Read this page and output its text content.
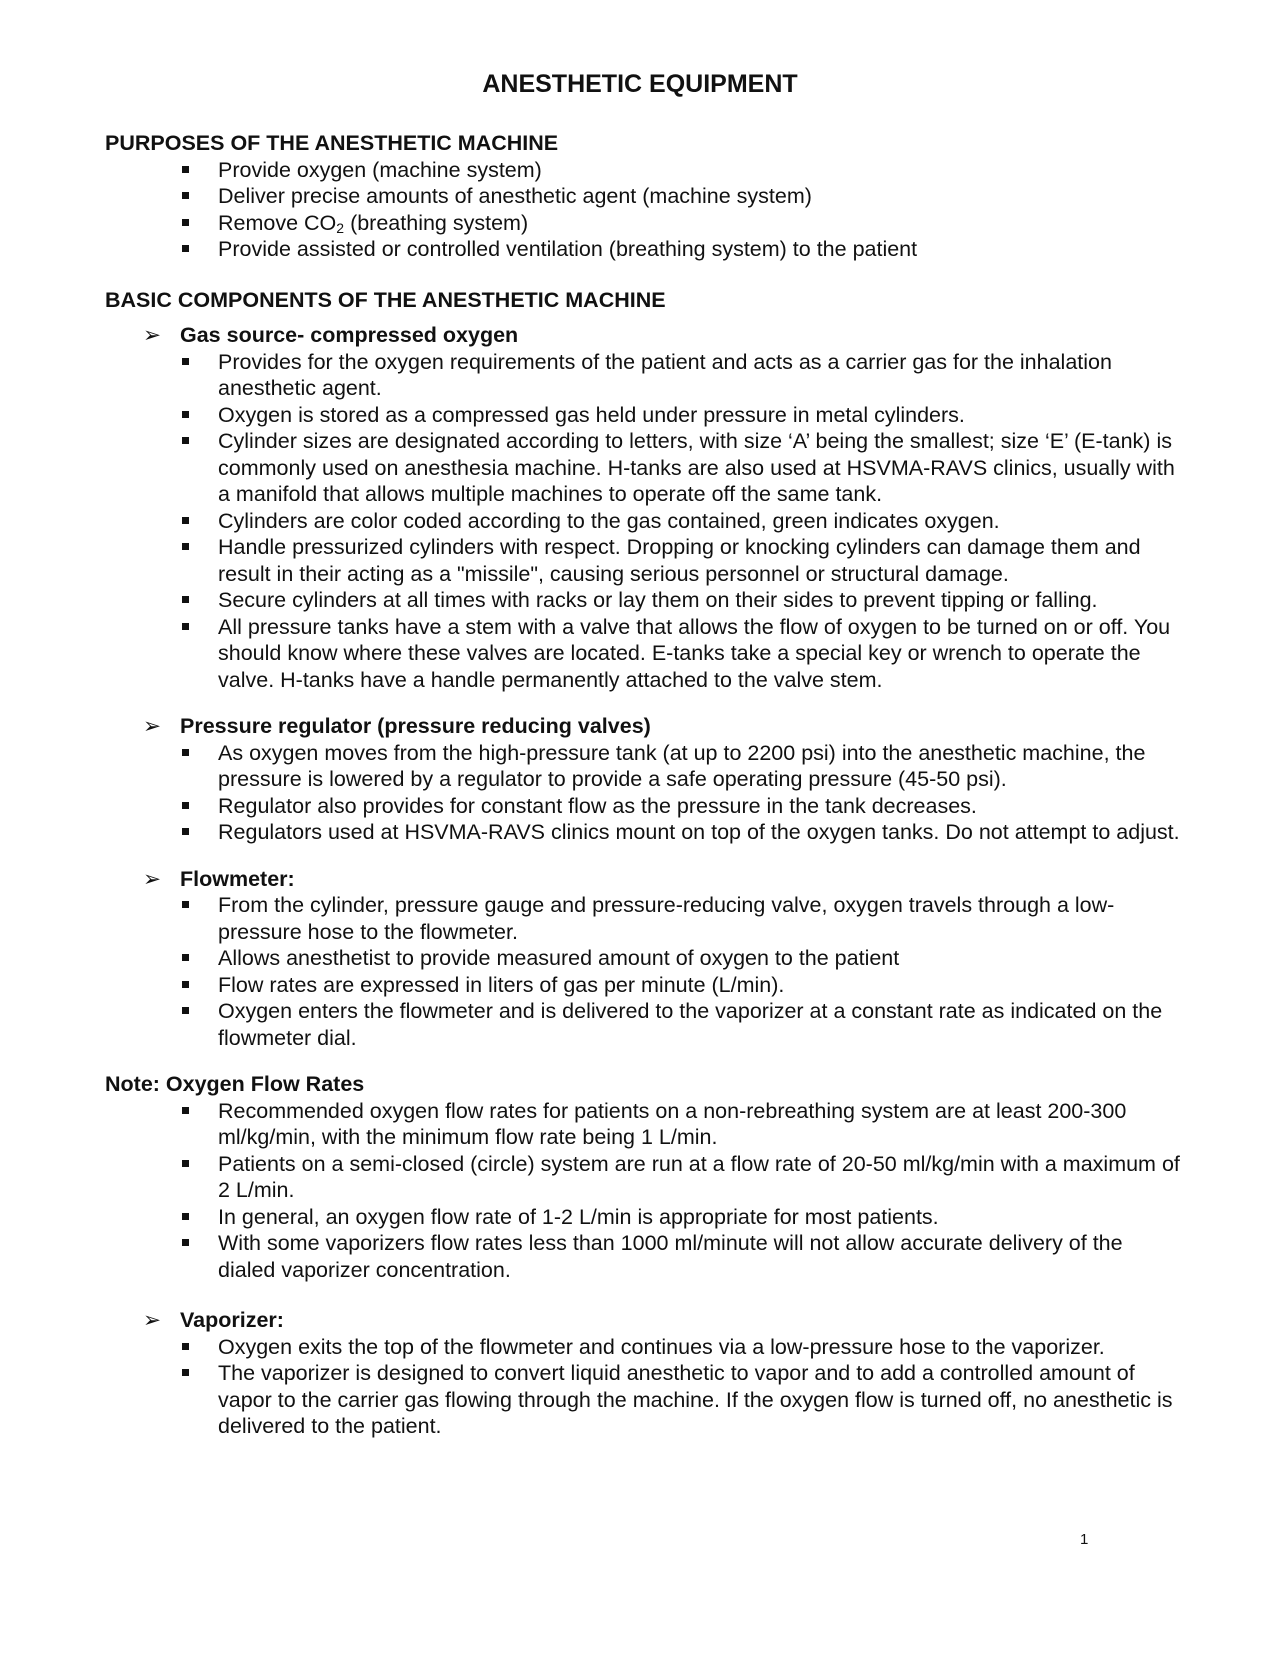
ANESTHETIC EQUIPMENT

PURPOSES OF THE ANESTHETIC MACHINE

Provide oxygen (machine system)
Deliver precise amounts of anesthetic agent (machine system)
Remove $CO_2$ (breathing system)
Provide assisted or controlled ventilation (breathing system) to the patient

BASIC COMPONENTS OF THE ANESTHETIC MACHINE

➢ Gas source- compressed oxygen

Provides for the oxygen requirements of the patient and acts as a carrier gas for the inhalation anesthetic agent.
Oxygen is stored as a compressed gas held under pressure in metal cylinders.
Cylinder sizes are designated according to letters, with size ‘A’ being the smallest; size ‘E’ (E-tank) is commonly used on anesthesia machine. H-tanks are also used at HSVMA-RAVS clinics, usually with a manifold that allows multiple machines to operate off the same tank.
Cylinders are color coded according to the gas contained, green indicates oxygen.
Handle pressurized cylinders with respect. Dropping or knocking cylinders can damage them and result in their acting as a "missile", causing serious personnel or structural damage.
Secure cylinders at all times with racks or lay them on their sides to prevent tipping or falling.
All pressure tanks have a stem with a valve that allows the flow of oxygen to be turned on or off. You should know where these valves are located. E-tanks take a special key or wrench to operate the valve. H-tanks have a handle permanently attached to the valve stem.

➢ Pressure regulator (pressure reducing valves)

As oxygen moves from the high-pressure tank (at up to 2200 psi) into the anesthetic machine, the pressure is lowered by a regulator to provide a safe operating pressure (45-50 psi).
Regulator also provides for constant flow as the pressure in the tank decreases.
Regulators used at HSVMA-RAVS clinics mount on top of the oxygen tanks. Do not attempt to adjust.

➢ Flowmeter:

From the cylinder, pressure gauge and pressure-reducing valve, oxygen travels through a low-pressure hose to the flowmeter.
Allows anesthetist to provide measured amount of oxygen to the patient
Flow rates are expressed in liters of gas per minute (L/min).
Oxygen enters the flowmeter and is delivered to the vaporizer at a constant rate as indicated on the flowmeter dial.

Note: Oxygen Flow Rates

Recommended oxygen flow rates for patients on a non-rebreathing system are at least 200-300 ml/kg/min, with the minimum flow rate being 1 L/min.
Patients on a semi-closed (circle) system are run at a flow rate of 20-50 ml/kg/min with a maximum of 2 L/min.
In general, an oxygen flow rate of 1-2 L/min is appropriate for most patients.
With some vaporizers flow rates less than 1000 ml/minute will not allow accurate delivery of the dialed vaporizer concentration.

➢ Vaporizer:

Oxygen exits the top of the flowmeter and continues via a low-pressure hose to the vaporizer.
The vaporizer is designed to convert liquid anesthetic to vapor and to add a controlled amount of vapor to the carrier gas flowing through the machine. If the oxygen flow is turned off, no anesthetic is delivered to the patient.
1
